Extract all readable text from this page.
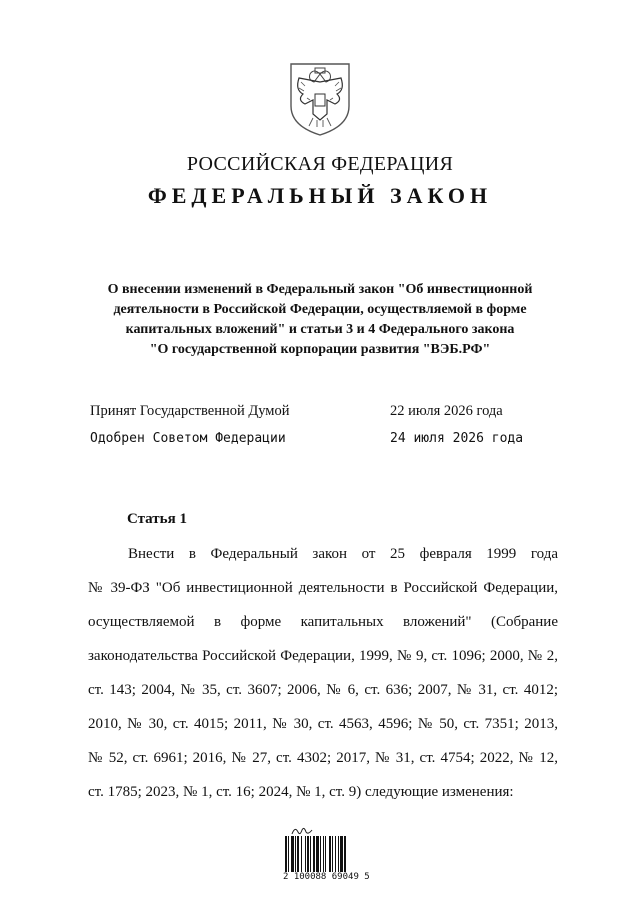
РОССИЙСКАЯ ФЕДЕРАЦИЯ
ФЕДЕРАЛЬНЫЙ ЗАКОН
О внесении изменений в Федеральный закон "Об инвестиционной
деятельности в Российской Федерации, осуществляемой в форме
капитальных вложений" и статьи 3 и 4 Федерального закона
"О государственной корпорации развития "ВЭБ.РФ"
Принят Государственной Думой	22 июля 2026 года
Одобрен Советом Федерации	24 июля 2026 года
Статья 1
Внести в Федеральный закон от 25 февраля 1999 года
№ 39-ФЗ "Об инвестиционной деятельности в Российской Федерации,
осуществляемой в форме капитальных вложений" (Собрание
законодательства Российской Федерации, 1999, № 9, ст. 1096; 2000, № 2,
ст. 143; 2004, № 35, ст. 3607; 2006, № 6, ст. 636; 2007, № 31, ст. 4012;
2010, № 30, ст. 4015; 2011, № 30, ст. 4563, 4596; № 50, ст. 7351; 2013,
№ 52, ст. 6961; 2016, № 27, ст. 4302; 2017, № 31, ст. 4754; 2022, № 12,
ст. 1785; 2023, № 1, ст. 16; 2024, № 1, ст. 9) следующие изменения:
2 100088 69049 5
